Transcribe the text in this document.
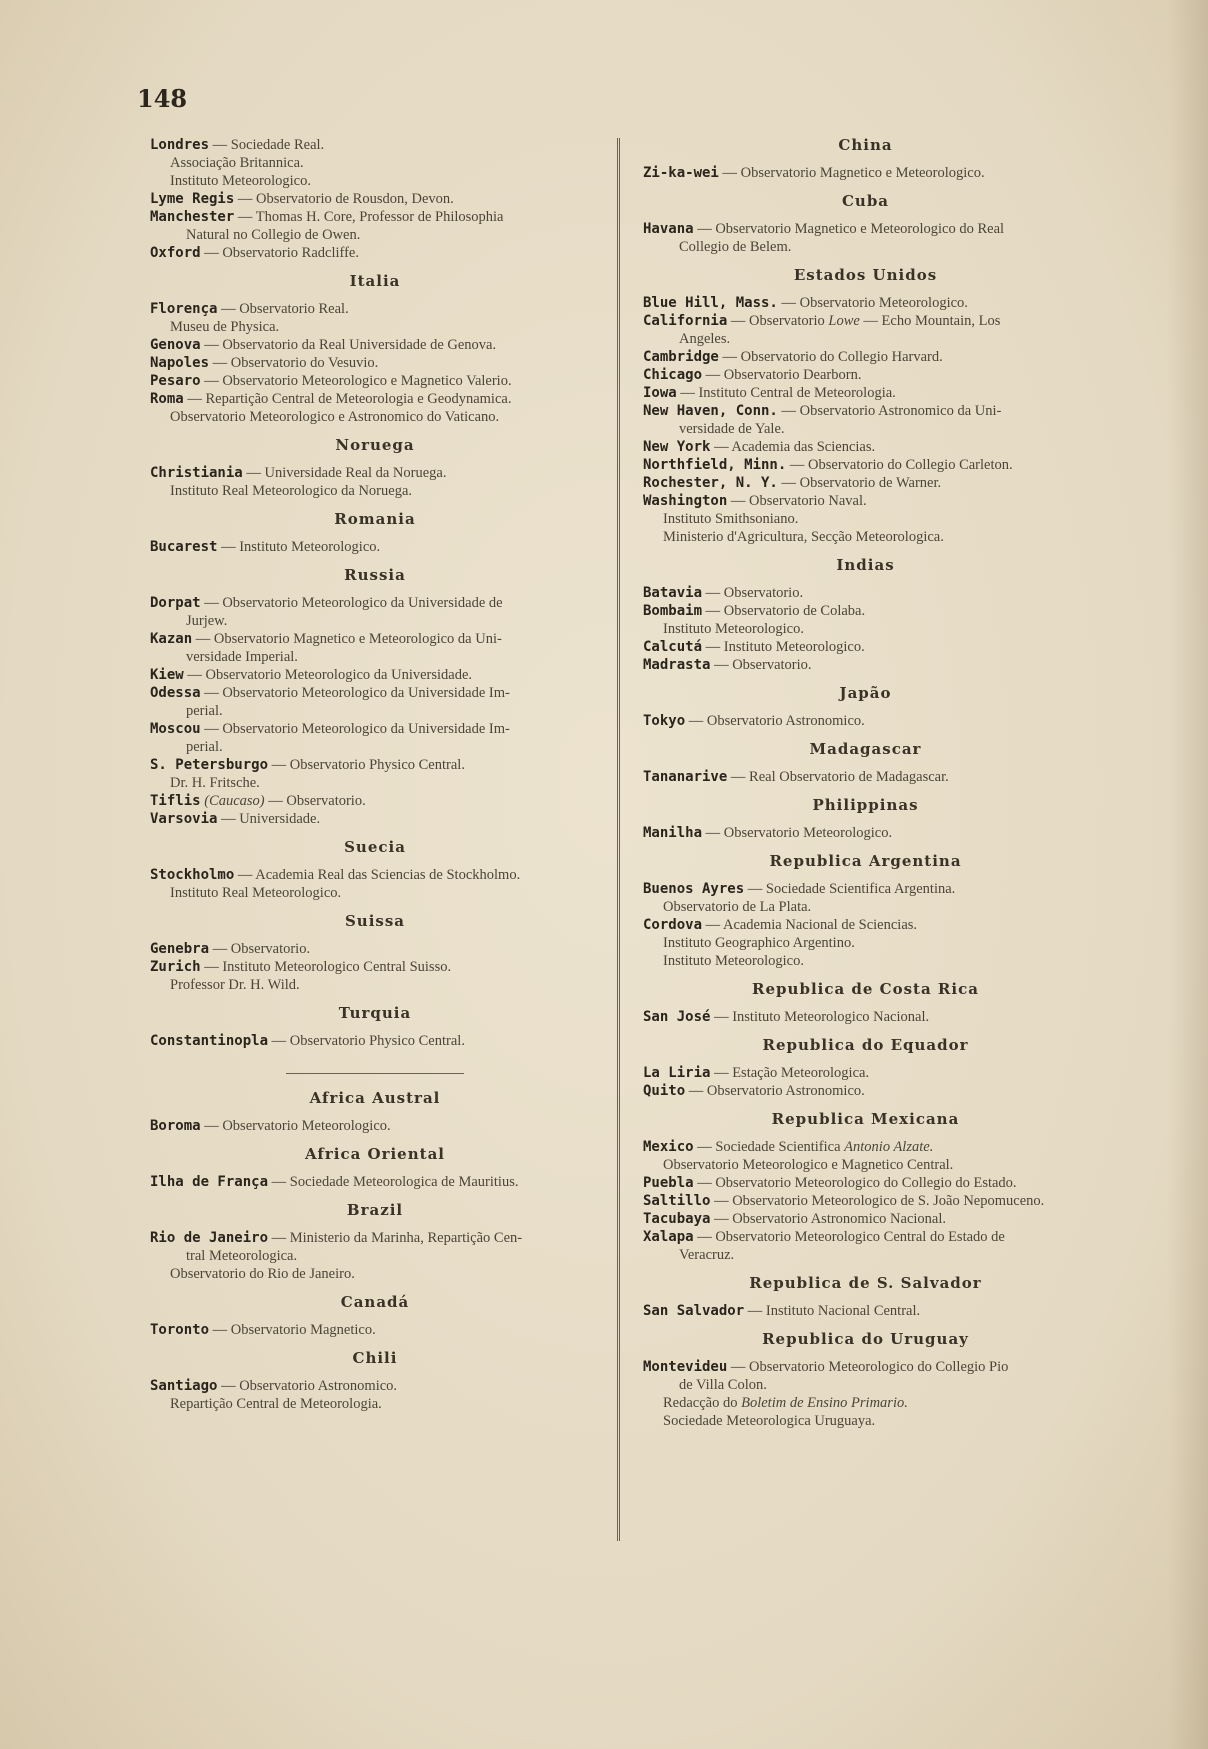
148
Londres — Sociedade Real.
Associação Britannica.
Instituto Meteorologico.
Lyme Regis — Observatorio de Rousdon, Devon.
Manchester — Thomas H. Core, Professor de Philosophia
Natural no Collegio de Owen.
Oxford — Observatorio Radcliffe.
Italia
Florença — Observatorio Real.
Museu de Physica.
Genova — Observatorio da Real Universidade de Genova.
Napoles — Observatorio do Vesuvio.
Pesaro — Observatorio Meteorologico e Magnetico Valerio.
Roma — Repartição Central de Meteorologia e Geodynamica.
Observatorio Meteorologico e Astronomico do Vaticano.
Noruega
Christiania — Universidade Real da Noruega.
Instituto Real Meteorologico da Noruega.
Romania
Bucarest — Instituto Meteorologico.
Russia
Dorpat — Observatorio Meteorologico da Universidade de
Jurjew.
Kazan — Observatorio Magnetico e Meteorologico da Uni-
versidade Imperial.
Kiew — Observatorio Meteorologico da Universidade.
Odessa — Observatorio Meteorologico da Universidade Im-
perial.
Moscou — Observatorio Meteorologico da Universidade Im-
perial.
S. Petersburgo — Observatorio Physico Central.
Dr. H. Fritsche.
Tiflis (Caucaso) — Observatorio.
Varsovia — Universidade.
Suecia
Stockholmo — Academia Real das Sciencias de Stockholmo.
Instituto Real Meteorologico.
Suissa
Genebra — Observatorio.
Zurich — Instituto Meteorologico Central Suisso.
Professor Dr. H. Wild.
Turquia
Constantinopla — Observatorio Physico Central.
Africa Austral
Boroma — Observatorio Meteorologico.
Africa Oriental
Ilha de França — Sociedade Meteorologica de Mauritius.
Brazil
Rio de Janeiro — Ministerio da Marinha, Repartição Cen-
tral Meteorologica.
Observatorio do Rio de Janeiro.
Canadá
Toronto — Observatorio Magnetico.
Chili
Santiago — Observatorio Astronomico.
Repartição Central de Meteorologia.
China
Zi-ka-wei — Observatorio Magnetico e Meteorologico.
Cuba
Havana — Observatorio Magnetico e Meteorologico do Real
Collegio de Belem.
Estados Unidos
Blue Hill, Mass. — Observatorio Meteorologico.
California — Observatorio Lowe — Echo Mountain, Los
Angeles.
Cambridge — Observatorio do Collegio Harvard.
Chicago — Observatorio Dearborn.
Iowa — Instituto Central de Meteorologia.
New Haven, Conn. — Observatorio Astronomico da Uni-
versidade de Yale.
New York — Academia das Sciencias.
Northfield, Minn. — Observatorio do Collegio Carleton.
Rochester, N. Y. — Observatorio de Warner.
Washington — Observatorio Naval.
Instituto Smithsoniano.
Ministerio d'Agricultura, Secção Meteorologica.
Indias
Batavia — Observatorio.
Bombaim — Observatorio de Colaba.
Instituto Meteorologico.
Calcutá — Instituto Meteorologico.
Madrasta — Observatorio.
Japão
Tokyo — Observatorio Astronomico.
Madagascar
Tananarive — Real Observatorio de Madagascar.
Philippinas
Manilha — Observatorio Meteorologico.
Republica Argentina
Buenos Ayres — Sociedade Scientifica Argentina.
Observatorio de La Plata.
Cordova — Academia Nacional de Sciencias.
Instituto Geographico Argentino.
Instituto Meteorologico.
Republica de Costa Rica
San José — Instituto Meteorologico Nacional.
Republica do Equador
La Liria — Estação Meteorologica.
Quito — Observatorio Astronomico.
Republica Mexicana
Mexico — Sociedade Scientifica Antonio Alzate.
Observatorio Meteorologico e Magnetico Central.
Puebla — Observatorio Meteorologico do Collegio do Estado.
Saltillo — Observatorio Meteorologico de S. João Nepomuceno.
Tacubaya — Observatorio Astronomico Nacional.
Xalapa — Observatorio Meteorologico Central do Estado de
Veracruz.
Republica de S. Salvador
San Salvador — Instituto Nacional Central.
Republica do Uruguay
Montevideu — Observatorio Meteorologico do Collegio Pio
de Villa Colon.
Redacção do Boletim de Ensino Primario.
Sociedade Meteorologica Uruguaya.
